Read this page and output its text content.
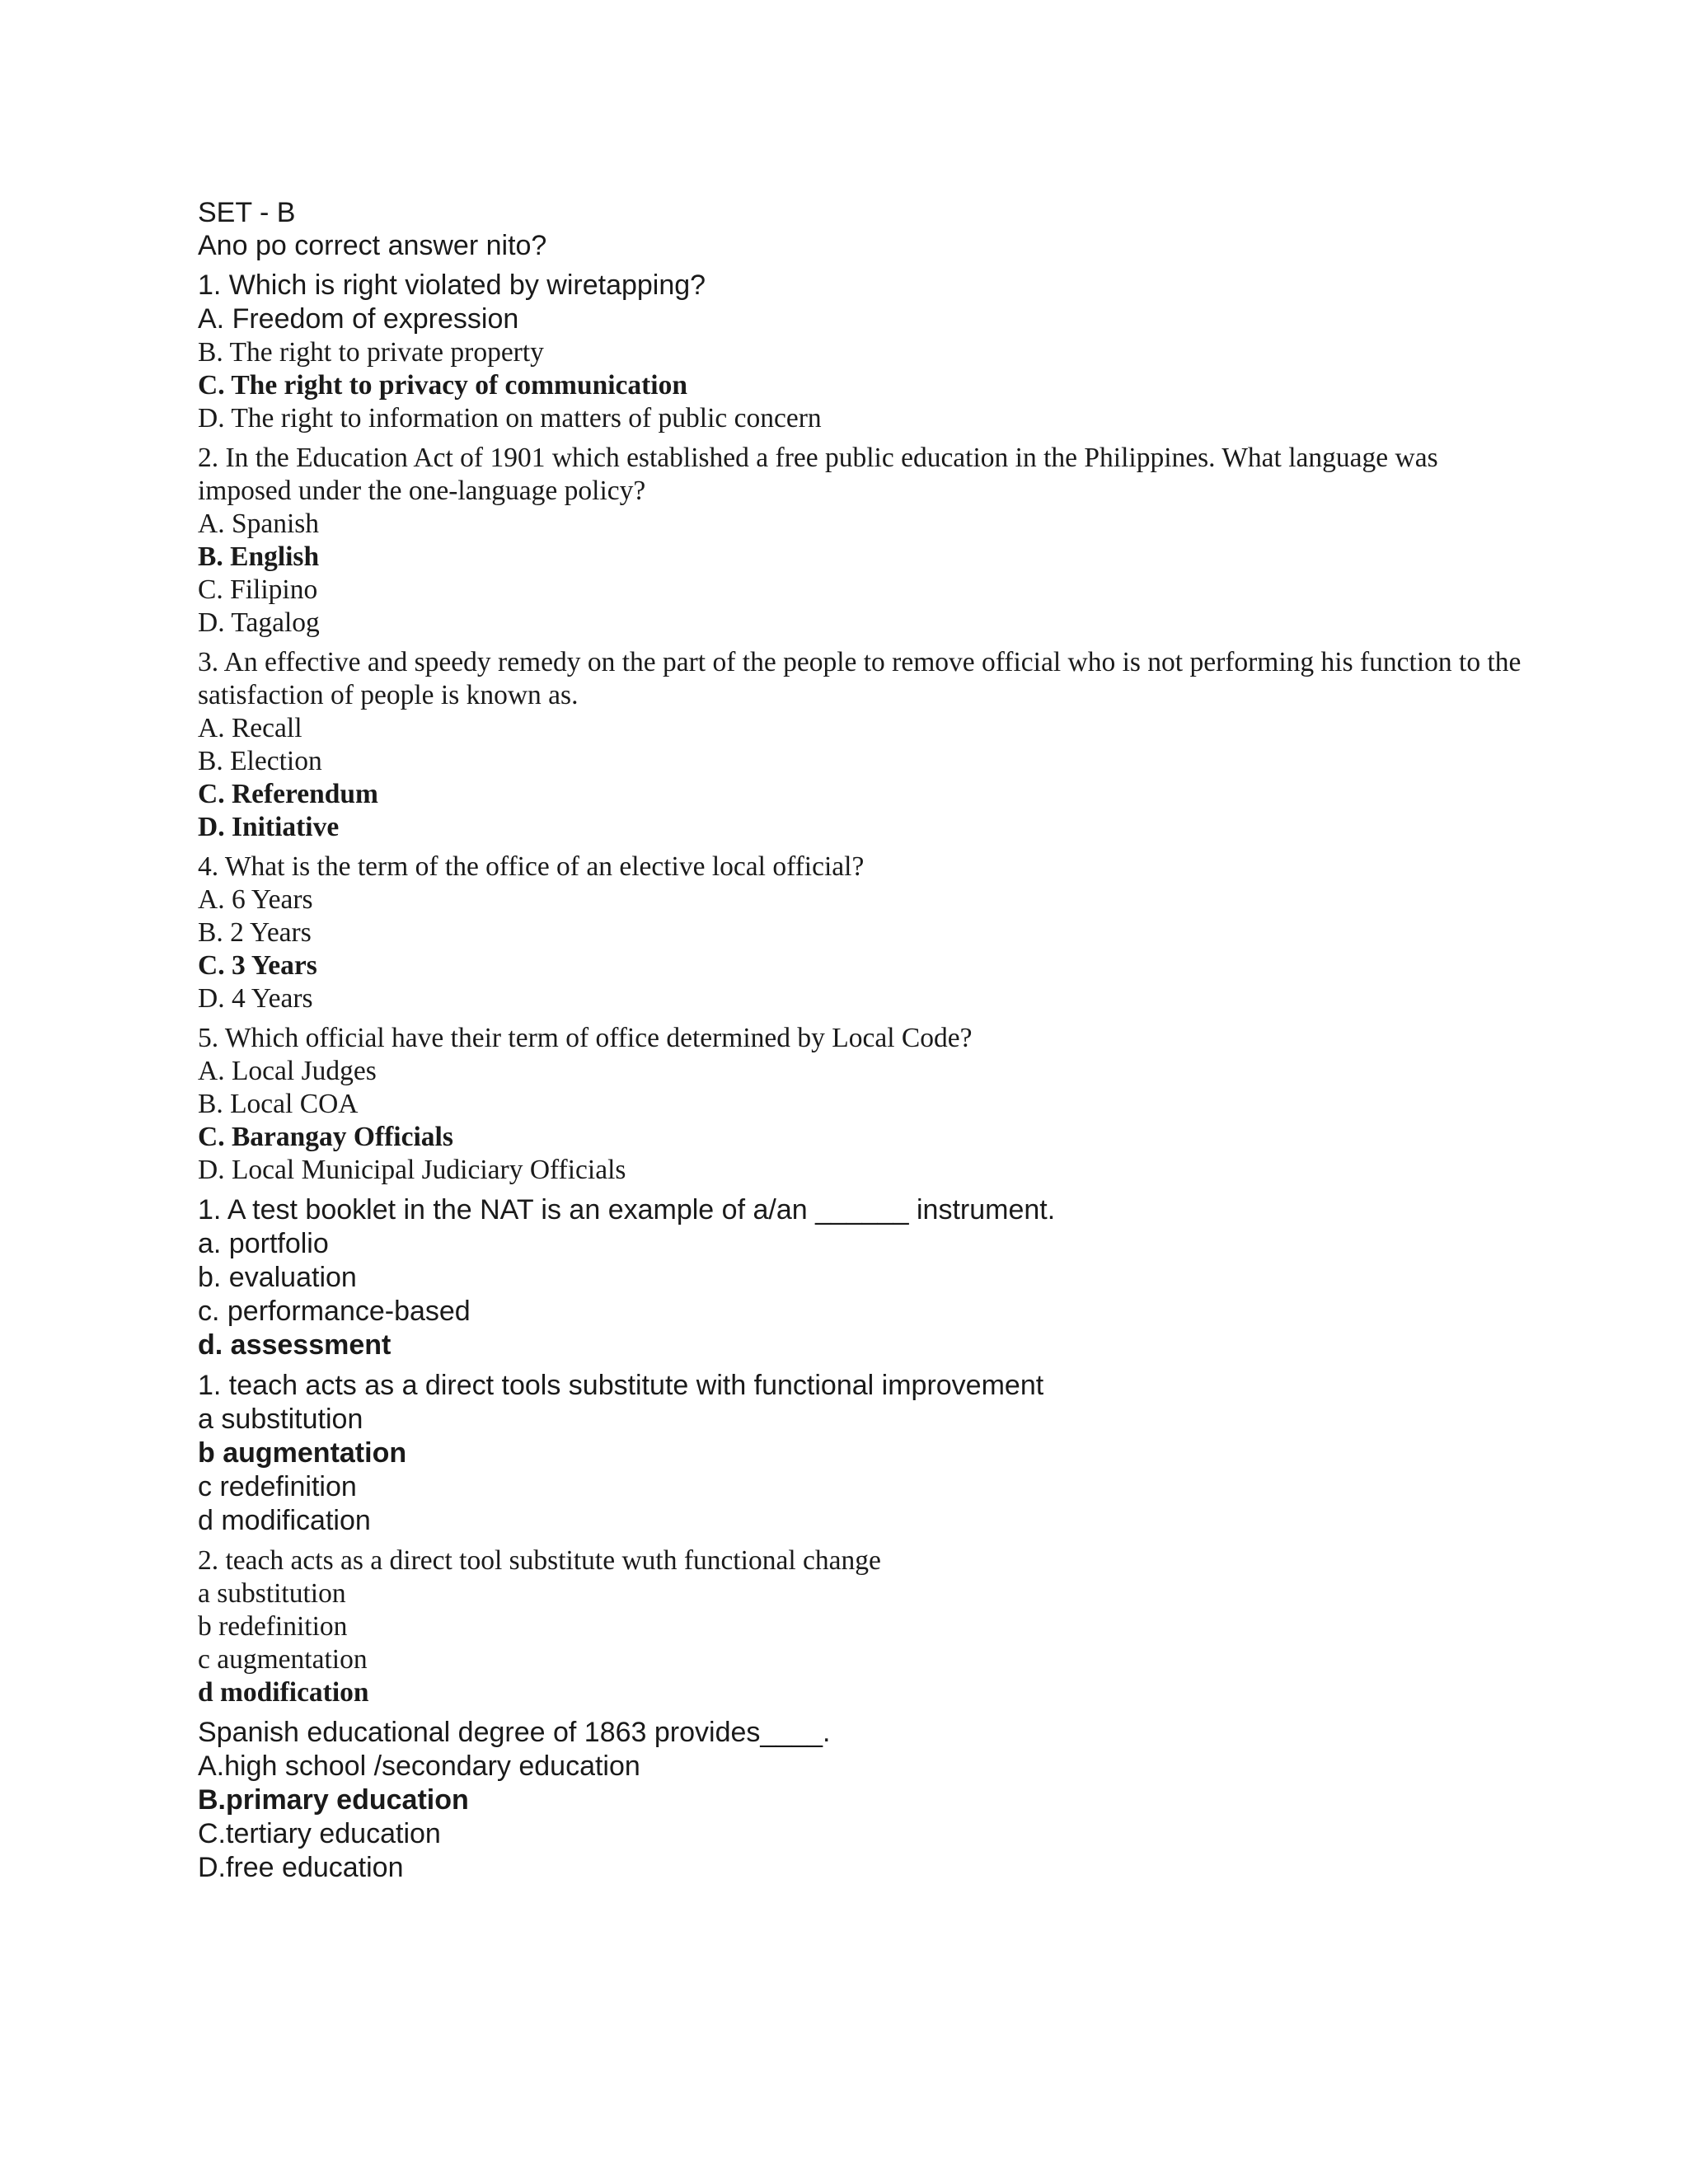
SET - B
Ano po correct answer nito?
1. Which is right violated by wiretapping?
A. Freedom of expression
B. The right to private property
C. The right to privacy of communication
D. The right to information on matters of public concern
2. In the Education Act of 1901 which established a free public education in the Philippines. What language was imposed under the one-language policy?
A. Spanish
B. English
C. Filipino
D. Tagalog
3. An effective and speedy remedy on the part of the people to remove official who is not performing his function to the satisfaction of people is known as.
A. Recall
B. Election
C. Referendum
D. Initiative
4. What is the term of the office of an elective local official?
A. 6 Years
B. 2 Years
C. 3 Years
D. 4 Years
5. Which official have their term of office determined by Local Code?
A. Local Judges
B. Local COA
C. Barangay Officials
D. Local Municipal Judiciary Officials
1. A test booklet in the NAT is an example of a/an ______ instrument.
a. portfolio
b. evaluation
c. performance-based
d. assessment
1. teach acts as a direct tools substitute with functional improvement
a substitution
b augmentation
c redefinition
d modification
2. teach acts as a direct tool substitute wuth functional change
a substitution
b redefinition
c augmentation
d modification
Spanish educational degree of 1863 provides____.
A.high school /secondary education
B.primary education
C.tertiary education
D.free education
